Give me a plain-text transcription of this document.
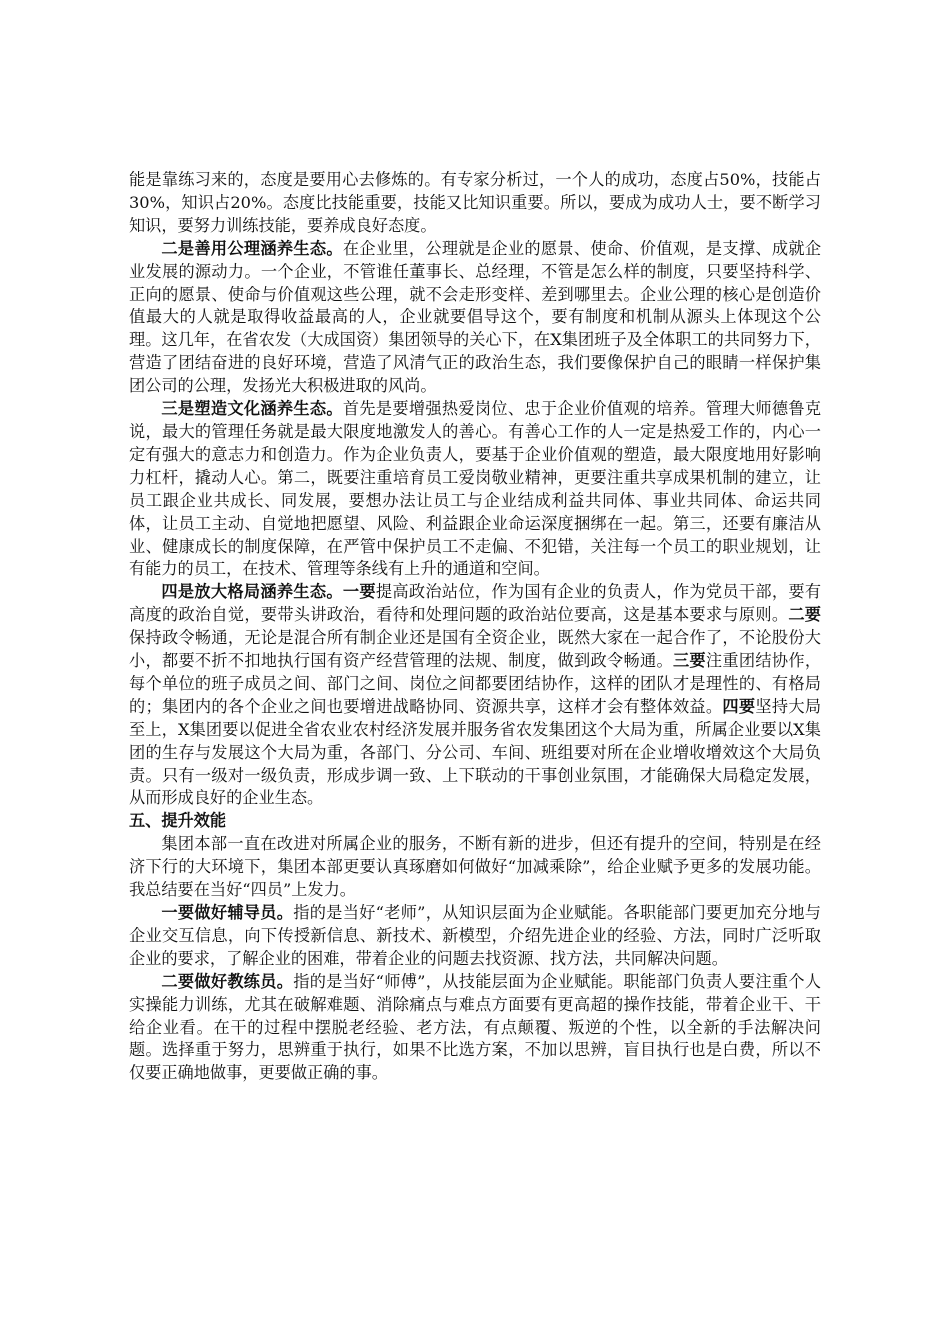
能是靠练习来的，态度是要用心去修炼的。有专家分析过，一个人的成功，态度占50%，技能占30%，知识占20%。态度比技能重要，技能又比知识重要。所以，要成为成功人士，要不断学习知识，要努力训练技能，要养成良好态度。

二是善用公理涵养生态。在企业里，公理就是企业的愿景、使命、价值观，是支撑、成就企业发展的源动力。一个企业，不管谁任董事长、总经理，不管是怎么样的制度，只要坚持科学、正向的愿景、使命与价值观这些公理，就不会走形变样、差到哪里去。企业公理的核心是创造价值最大的人就是取得收益最高的人，企业就要倡导这个，要有制度和机制从源头上体现这个公理。这几年，在省农发（大成国资）集团领导的关心下，在X集团班子及全体职工的共同努力下，营造了团结奋进的良好环境，营造了风清气正的政治生态，我们要像保护自己的眼睛一样保护集团公司的公理，发扬光大积极进取的风尚。

三是塑造文化涵养生态。首先是要增强热爱岗位、忠于企业价值观的培养。管理大师德鲁克说，最大的管理任务就是最大限度地激发人的善心。有善心工作的人一定是热爱工作的，内心一定有强大的意志力和创造力。作为企业负责人，要基于企业价值观的塑造，最大限度地用好影响力杠杆，撬动人心。第二，既要注重培育员工爱岗敬业精神，更要注重共享成果机制的建立，让员工跟企业共成长、同发展，要想办法让员工与企业结成利益共同体、事业共同体、命运共同体，让员工主动、自觉地把愿望、风险、利益跟企业命运深度捆绑在一起。第三，还要有廉洁从业、健康成长的制度保障，在严管中保护员工不走偏、不犯错，关注每一个员工的职业规划，让有能力的员工，在技术、管理等条线有上升的通道和空间。

四是放大格局涵养生态。一要提高政治站位，作为国有企业的负责人，作为党员干部，要有高度的政治自觉，要带头讲政治，看待和处理问题的政治站位要高，这是基本要求与原则。二要保持政令畅通，无论是混合所有制企业还是国有全资企业，既然大家在一起合作了，不论股份大小，都要不折不扣地执行国有资产经营管理的法规、制度，做到政令畅通。三要注重团结协作，每个单位的班子成员之间、部门之间、岗位之间都要团结协作，这样的团队才是理性的、有格局的；集团内的各个企业之间也要增进战略协同、资源共享，这样才会有整体效益。四要坚持大局至上，X集团要以促进全省农业农村经济发展并服务省农发集团这个大局为重，所属企业要以X集团的生存与发展这个大局为重，各部门、分公司、车间、班组要对所在企业增收增效这个大局负责。只有一级对一级负责，形成步调一致、上下联动的干事创业氛围，才能确保大局稳定发展，从而形成良好的企业生态。

五、提升效能

集团本部一直在改进对所属企业的服务，不断有新的进步，但还有提升的空间，特别是在经济下行的大环境下，集团本部更要认真琢磨如何做好“加减乘除”，给企业赋予更多的发展功能。我总结要在当好“四员”上发力。

一要做好辅导员。指的是当好“老师”，从知识层面为企业赋能。各职能部门要更加充分地与企业交互信息，向下传授新信息、新技术、新模型，介绍先进企业的经验、方法，同时广泛听取企业的要求，了解企业的困难，带着企业的问题去找资源、找方法，共同解决问题。

二要做好教练员。指的是当好“师傅”，从技能层面为企业赋能。职能部门负责人要注重个人实操能力训练，尤其在破解难题、消除痛点与难点方面要有更高超的操作技能，带着企业干、干给企业看。在干的过程中摆脱老经验、老方法，有点颠覆、叛逆的个性，以全新的手法解决问题。选择重于努力，思辨重于执行，如果不比选方案，不加以思辨，盲目执行也是白费，所以不仅要正确地做事，更要做正确的事。
